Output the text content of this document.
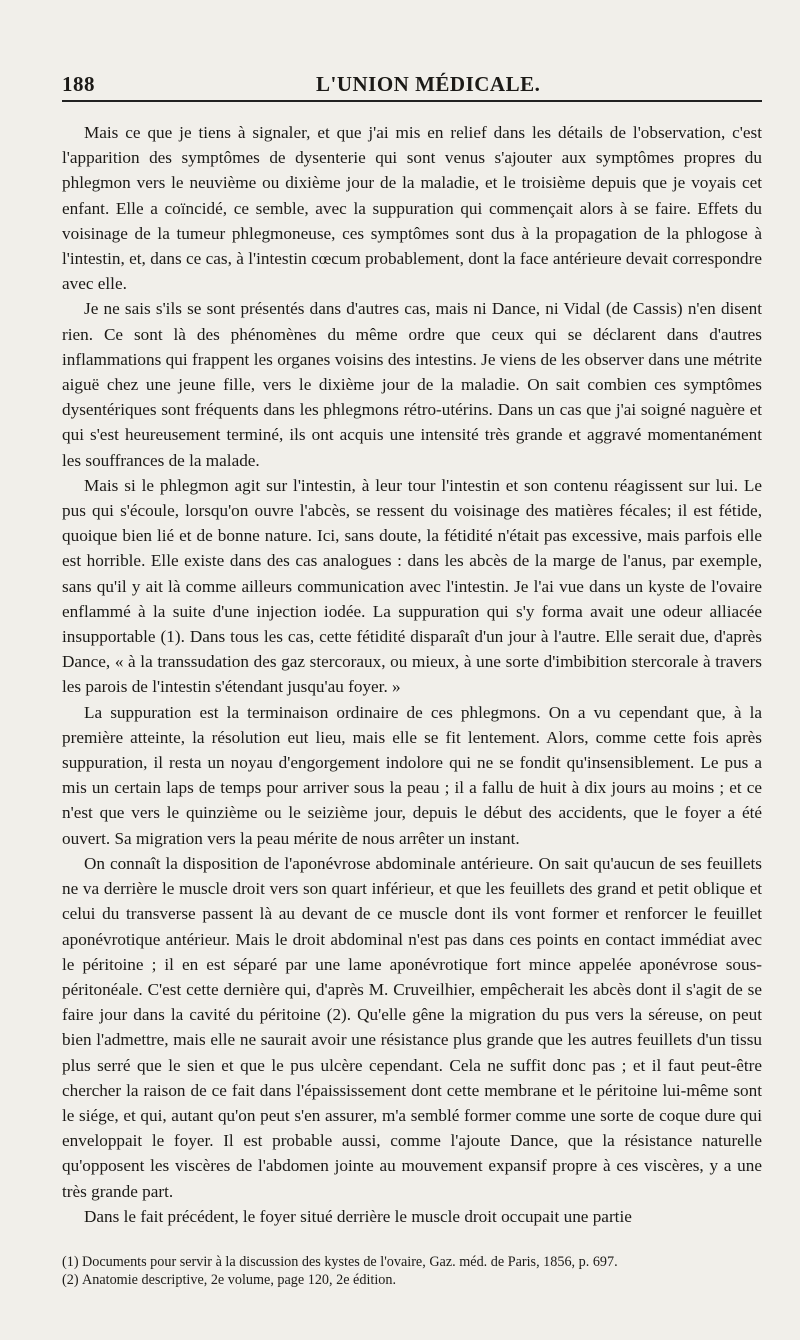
188	L'UNION MÉDICALE.

Mais ce que je tiens à signaler, et que j'ai mis en relief dans les détails de l'observation, c'est l'apparition des symptômes de dysenterie qui sont venus s'ajouter aux symptômes propres du phlegmon vers le neuvième ou dixième jour de la maladie, et le troisième depuis que je voyais cet enfant. Elle a coïncidé, ce semble, avec la suppuration qui commençait alors à se faire. Effets du voisinage de la tumeur phlegmoneuse, ces symptômes sont dus à la propagation de la phlogose à l'intestin, et, dans ce cas, à l'intestin cœcum probablement, dont la face antérieure devait correspondre avec elle.

Je ne sais s'ils se sont présentés dans d'autres cas, mais ni Dance, ni Vidal (de Cassis) n'en disent rien. Ce sont là des phénomènes du même ordre que ceux qui se déclarent dans d'autres inflammations qui frappent les organes voisins des intestins. Je viens de les observer dans une métrite aiguë chez une jeune fille, vers le dixième jour de la maladie. On sait combien ces symptômes dysentériques sont fréquents dans les phlegmons rétro-utérins. Dans un cas que j'ai soigné naguère et qui s'est heureusement terminé, ils ont acquis une intensité très grande et aggravé momentanément les souffrances de la malade.

Mais si le phlegmon agit sur l'intestin, à leur tour l'intestin et son contenu réagissent sur lui. Le pus qui s'écoule, lorsqu'on ouvre l'abcès, se ressent du voisinage des matières fécales; il est fétide, quoique bien lié et de bonne nature. Ici, sans doute, la fétidité n'était pas excessive, mais parfois elle est horrible. Elle existe dans des cas analogues : dans les abcès de la marge de l'anus, par exemple, sans qu'il y ait là comme ailleurs communication avec l'intestin. Je l'ai vue dans un kyste de l'ovaire enflammé à la suite d'une injection iodée. La suppuration qui s'y forma avait une odeur alliacée insupportable (1). Dans tous les cas, cette fétidité disparaît d'un jour à l'autre. Elle serait due, d'après Dance, « à la transsudation des gaz stercoraux, ou mieux, à une sorte d'imbibition stercorale à travers les parois de l'intestin s'étendant jusqu'au foyer. »

La suppuration est la terminaison ordinaire de ces phlegmons. On a vu cependant que, à la première atteinte, la résolution eut lieu, mais elle se fit lentement. Alors, comme cette fois après suppuration, il resta un noyau d'engorgement indolore qui ne se fondit qu'insensiblement. Le pus a mis un certain laps de temps pour arriver sous la peau ; il a fallu de huit à dix jours au moins ; et ce n'est que vers le quinzième ou le seizième jour, depuis le début des accidents, que le foyer a été ouvert. Sa migration vers la peau mérite de nous arrêter un instant.

On connaît la disposition de l'aponévrose abdominale antérieure. On sait qu'aucun de ses feuillets ne va derrière le muscle droit vers son quart inférieur, et que les feuillets des grand et petit oblique et celui du transverse passent là au devant de ce muscle dont ils vont former et renforcer le feuillet aponévrotique antérieur. Mais le droit abdominal n'est pas dans ces points en contact immédiat avec le péritoine ; il en est séparé par une lame aponévrotique fort mince appelée aponévrose sous-péritonéale. C'est cette dernière qui, d'après M. Cruveilhier, empêcherait les abcès dont il s'agit de se faire jour dans la cavité du péritoine (2). Qu'elle gêne la migration du pus vers la séreuse, on peut bien l'admettre, mais elle ne saurait avoir une résistance plus grande que les autres feuillets d'un tissu plus serré que le sien et que le pus ulcère cependant. Cela ne suffit donc pas ; et il faut peut-être chercher la raison de ce fait dans l'épaississement dont cette membrane et le péritoine lui-même sont le siége, et qui, autant qu'on peut s'en assurer, m'a semblé former comme une sorte de coque dure qui enveloppait le foyer. Il est probable aussi, comme l'ajoute Dance, que la résistance naturelle qu'opposent les viscères de l'abdomen jointe au mouvement expansif propre à ces viscères, y a une très grande part.

Dans le fait précédent, le foyer situé derrière le muscle droit occupait une partie

(1) Documents pour servir à la discussion des kystes de l'ovaire, Gaz. méd. de Paris, 1856, p. 697.

(2) Anatomie descriptive, 2e volume, page 120, 2e édition.
